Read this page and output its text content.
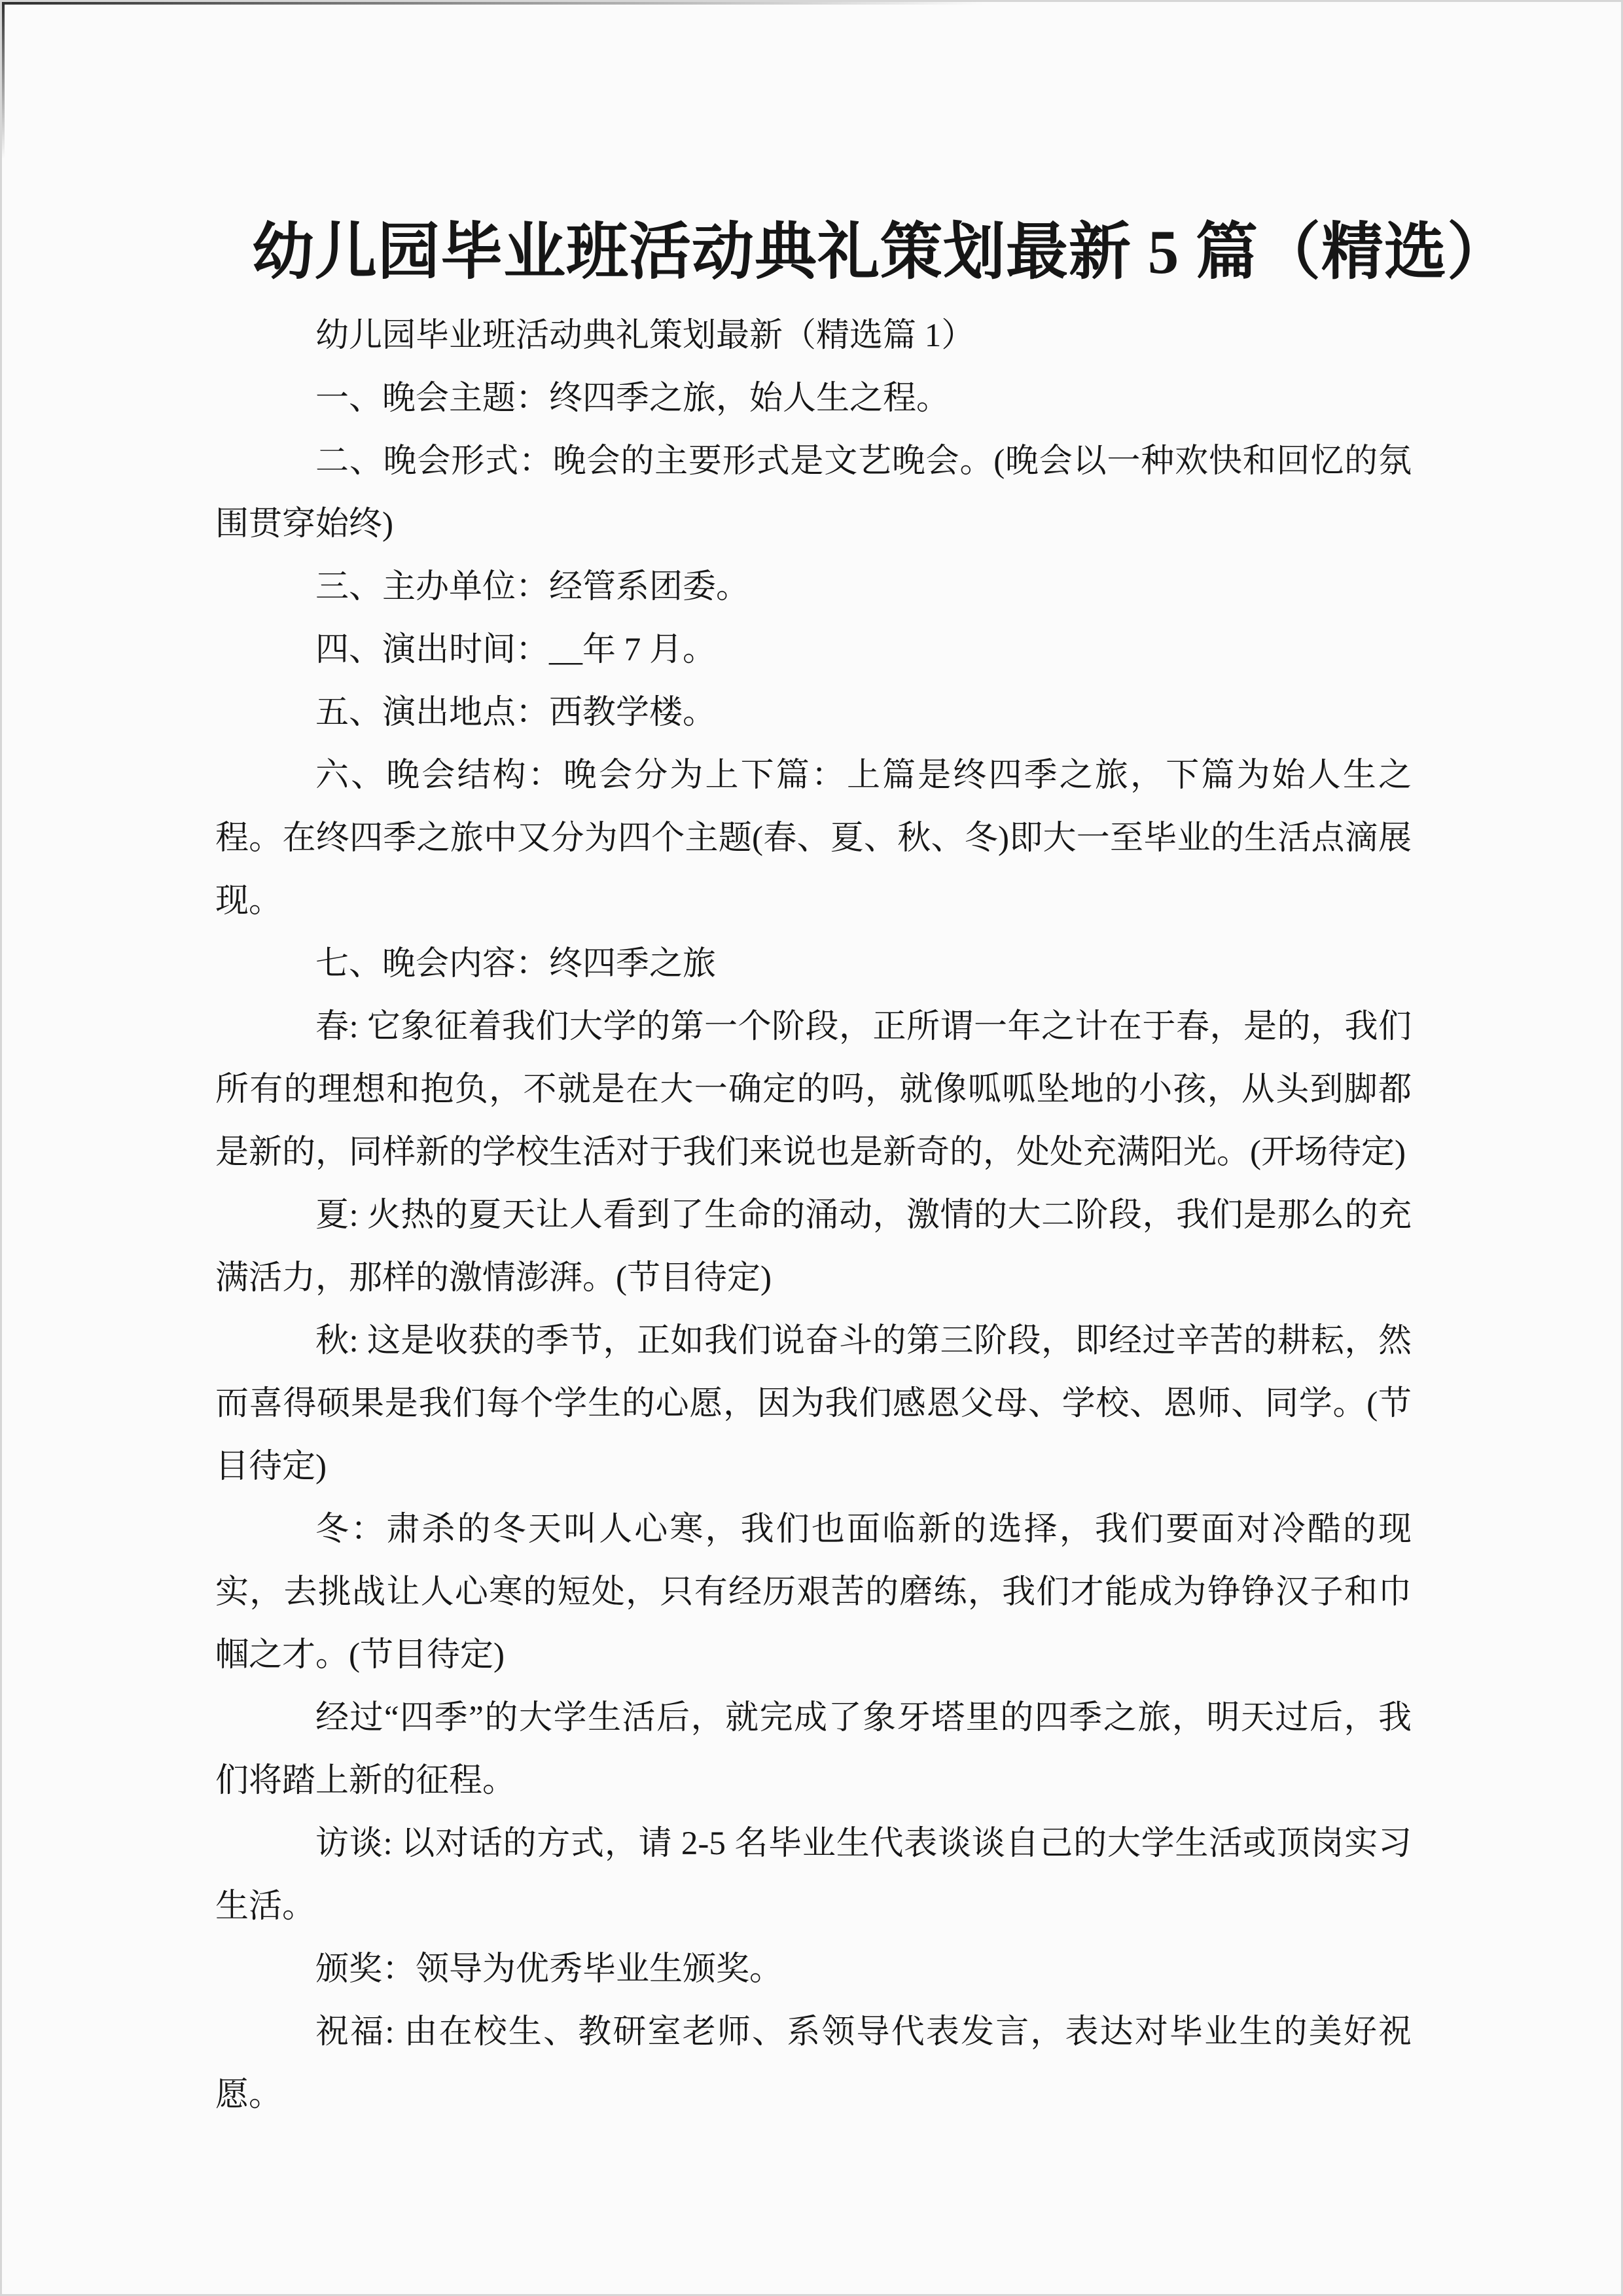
幼儿园毕业班活动典礼策划最新 5 篇（精选）

幼儿园毕业班活动典礼策划最新（精选篇 1）

一、晚会主题：终四季之旅，始人生之程。

二、晚会形式：晚会的主要形式是文艺晚会。(晚会以一种欢快和回忆的氛围贯穿始终)

三、主办单位：经管系团委。

四、演出时间：__年 7 月。

五、演出地点：西教学楼。

六、晚会结构：晚会分为上下篇：上篇是终四季之旅，下篇为始人生之程。在终四季之旅中又分为四个主题(春、夏、秋、冬)即大一至毕业的生活点滴展现。

七、晚会内容：终四季之旅

春: 它象征着我们大学的第一个阶段，正所谓一年之计在于春，是的，我们所有的理想和抱负，不就是在大一确定的吗，就像呱呱坠地的小孩，从头到脚都是新的，同样新的学校生活对于我们来说也是新奇的，处处充满阳光。(开场待定)

夏: 火热的夏天让人看到了生命的涌动，激情的大二阶段，我们是那么的充满活力，那样的激情澎湃。(节目待定)

秋: 这是收获的季节，正如我们说奋斗的第三阶段，即经过辛苦的耕耘，然而喜得硕果是我们每个学生的心愿，因为我们感恩父母、学校、恩师、同学。(节目待定)

冬：肃杀的冬天叫人心寒，我们也面临新的选择，我们要面对冷酷的现实，去挑战让人心寒的短处，只有经历艰苦的磨练，我们才能成为铮铮汉子和巾帼之才。(节目待定)

经过“四季”的大学生活后，就完成了象牙塔里的四季之旅，明天过后，我们将踏上新的征程。

访谈: 以对话的方式，请 2-5 名毕业生代表谈谈自己的大学生活或顶岗实习生活。

颁奖：领导为优秀毕业生颁奖。

祝福: 由在校生、教研室老师、系领导代表发言，表达对毕业生的美好祝愿。
